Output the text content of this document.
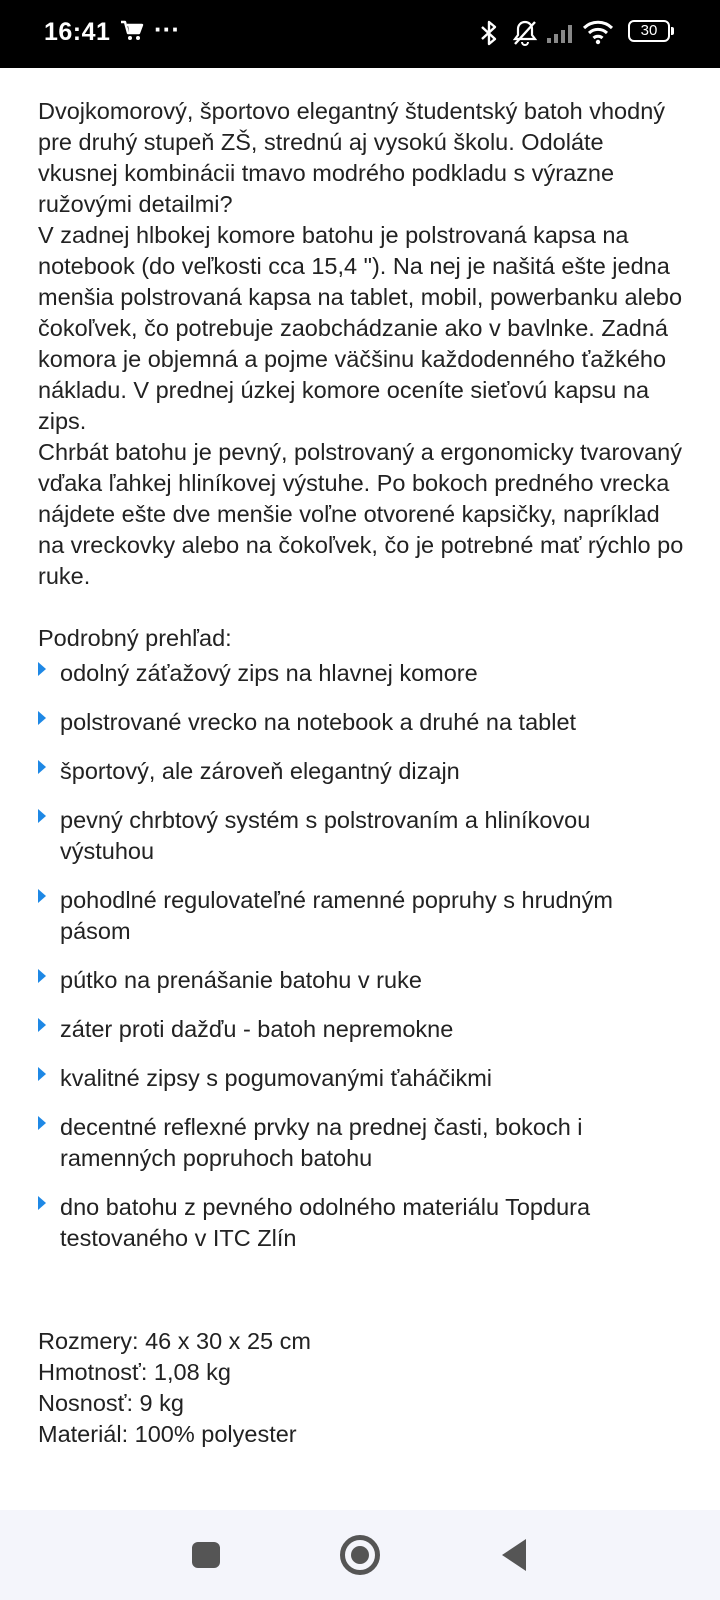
16:41 ···	30

Dvojkomorový, športovo elegantný študentský batoh vhodný pre druhý stupeň ZŠ, strednú aj vysokú školu. Odoláte vkusnej kombinácii tmavo modrého podkladu s výrazne ružovými detailmi?

V zadnej hlbokej komore batohu je polstrovaná kapsa na notebook (do veľkosti cca 15,4 "). Na nej je našitá ešte jedna menšia polstrovaná kapsa na tablet, mobil, powerbanku alebo čokoľvek, čo potrebuje zaobchádzanie ako v bavlnke. Zadná komora je objemná a pojme väčšinu každodenného ťažkého nákladu. V prednej úzkej komore oceníte sieťovú kapsu na zips.

Chrbát batohu je pevný, polstrovaný a ergonomicky tvarovaný vďaka ľahkej hliníkovej výstuhe. Po bokoch predného vrecka nájdete ešte dve menšie voľne otvorené kapsičky, napríklad na vreckovky alebo na čokoľvek, čo je potrebné mať rýchlo po ruke.

Podrobný prehľad:

odolný záťažový zips na hlavnej komore
polstrované vrecko na notebook a druhé na tablet
športový, ale zároveň elegantný dizajn
pevný chrbtový systém s polstrovaním a hliníkovou výstuhou
pohodlné regulovateľné ramenné popruhy s hrudným pásom
pútko na prenášanie batohu v ruke
záter proti dažďu - batoh nepremokne
kvalitné zipsy s pogumovanými ťaháčikmi
decentné reflexné prvky na prednej časti, bokoch i ramenných popruhoch batohu
dno batohu z pevného odolného materiálu Topdura testovaného v ITC Zlín
Rozmery: 46 x 30 x 25 cm
Hmotnosť: 1,08 kg
Nosnosť: 9 kg
Materiál: 100% polyester
